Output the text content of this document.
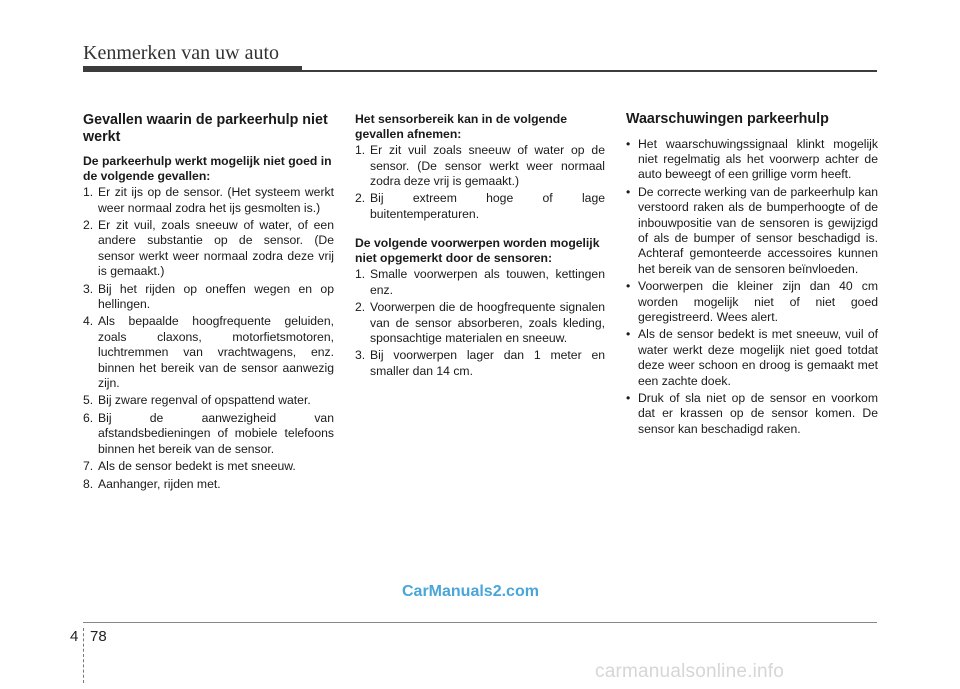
Kenmerken van uw auto
Gevallen waarin de parkeerhulp niet werkt

De parkeerhulp werkt mogelijk niet goed in de volgende gevallen:

1. Er zit ijs op de sensor. (Het systeem werkt weer normaal zodra het ijs gesmolten is.)
2. Er zit vuil, zoals sneeuw of water, of een andere substantie op de sensor. (De sensor werkt weer normaal zodra deze vrij is gemaakt.)
3. Bij het rijden op oneffen wegen en op hellingen.
4. Als bepaalde hoogfrequente geluiden, zoals claxons, motorfietsmotoren, luchtremmen van vrachtwagens, enz. binnen het bereik van de sensor aanwezig zijn.
5. Bij zware regenval of opspattend water.
6. Bij de aanwezigheid van afstandsbedieningen of mobiele telefoons binnen het bereik van de sensor.
7. Als de sensor bedekt is met sneeuw.
8. Aanhanger, rijden met.

Het sensorbereik kan in de volgende gevallen afnemen:

1. Er zit vuil zoals sneeuw of water op de sensor. (De sensor werkt weer normaal zodra deze vrij is gemaakt.)
2. Bij extreem hoge of lage buitentemperaturen.

De volgende voorwerpen worden mogelijk niet opgemerkt door de sensoren:

1. Smalle voorwerpen als touwen, kettingen enz.
2. Voorwerpen die de hoogfrequente signalen van de sensor absorberen, zoals kleding, sponsachtige materialen en sneeuw.
3. Bij voorwerpen lager dan 1 meter en smaller dan 14 cm.
Waarschuwingen parkeerhulp
• Het waarschuwingssignaal klinkt mogelijk niet regelmatig als het voorwerp achter de auto beweegt of een grillige vorm heeft.
• De correcte werking van de parkeerhulp kan verstoord raken als de bumperhoogte of de inbouwpositie van de sensoren is gewijzigd of als de bumper of sensor beschadigd is. Achteraf gemonteerde accessoires kunnen het bereik van de sensoren beïnvloeden.
• Voorwerpen die kleiner zijn dan 40 cm worden mogelijk niet of niet goed geregistreerd. Wees alert.
• Als de sensor bedekt is met sneeuw, vuil of water werkt deze mogelijk niet goed totdat deze weer schoon en droog is gemaakt met een zachte doek.
• Druk of sla niet op de sensor en voorkom dat er krassen op de sensor komen. De sensor kan beschadigd raken.
CarManuals2.com
4 78
carmanualsonline.info
